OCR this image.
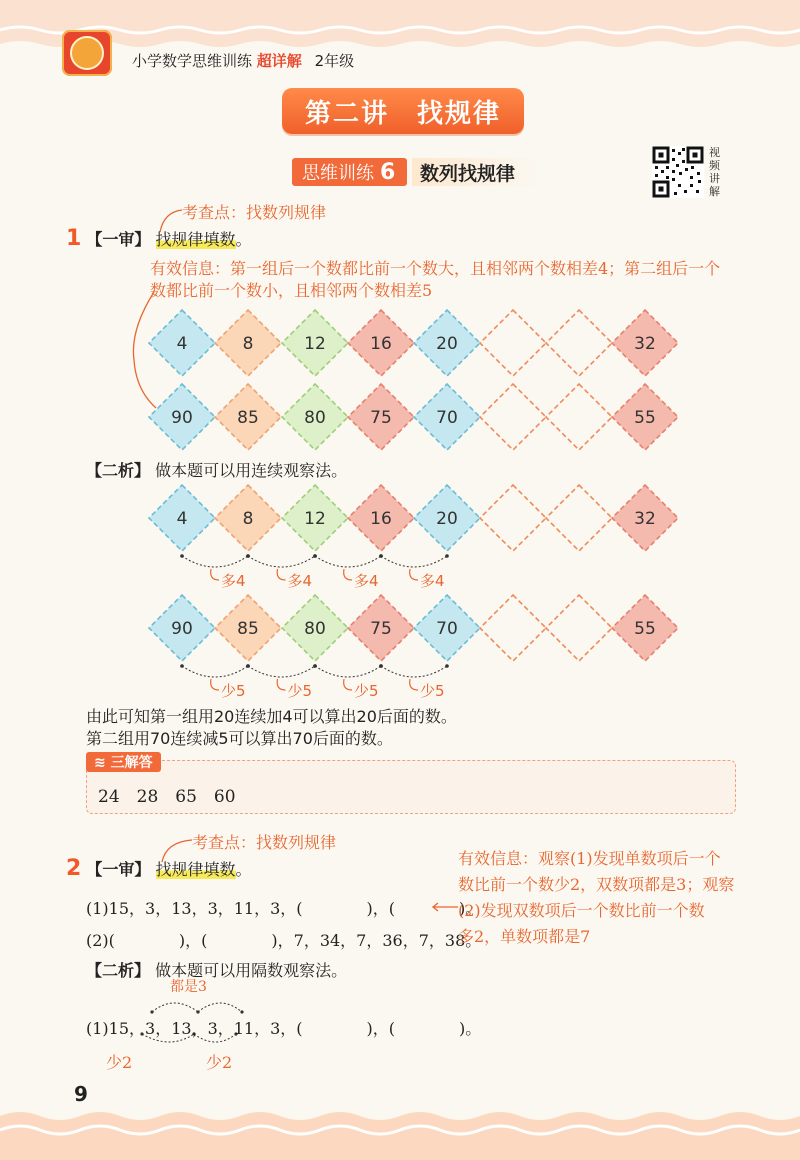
小学数学思维训练 超详解 2年级
第二讲　找规律
思维训练 6	数列找规律
视
频
讲
解
考查点：找数列规律
1 【一审】 找规律填数。
有效信息：第一组后一个数都比前一个数大，且相邻两个数相差4；第二组后一个
数都比前一个数小，且相邻两个数相差5
4	8	12	16	20	32
90	85	80	75	70	55
4	8	12	16	20	32
90	85	80	75	70	55
多4	多4	多4	多4
少5	少5	少5	少5
【二析】 做本题可以用连续观察法。
由此可知第一组用20连续加4可以算出20后面的数。
第二组用70连续减5可以算出70后面的数。
≋ 三解答
24　28　65　60
考查点：找数列规律
2 【一审】 找规律填数。
(1)15，3，13，3，11，3，(　　　　)，(　　　　)。
(2)(　　　　)，(　　　　)，7，34，7，36，7，38。
有效信息：观察(1)发现单数项后一个
数比前一个数少2，双数项都是3；观察
(2)发现双数项后一个数比前一个数
多2，单数项都是7
【二析】 做本题可以用隔数观察法。
都是3
(1)15，3，13，3，11，3，(　　　　)，(　　　　)。
少2	少2
9
